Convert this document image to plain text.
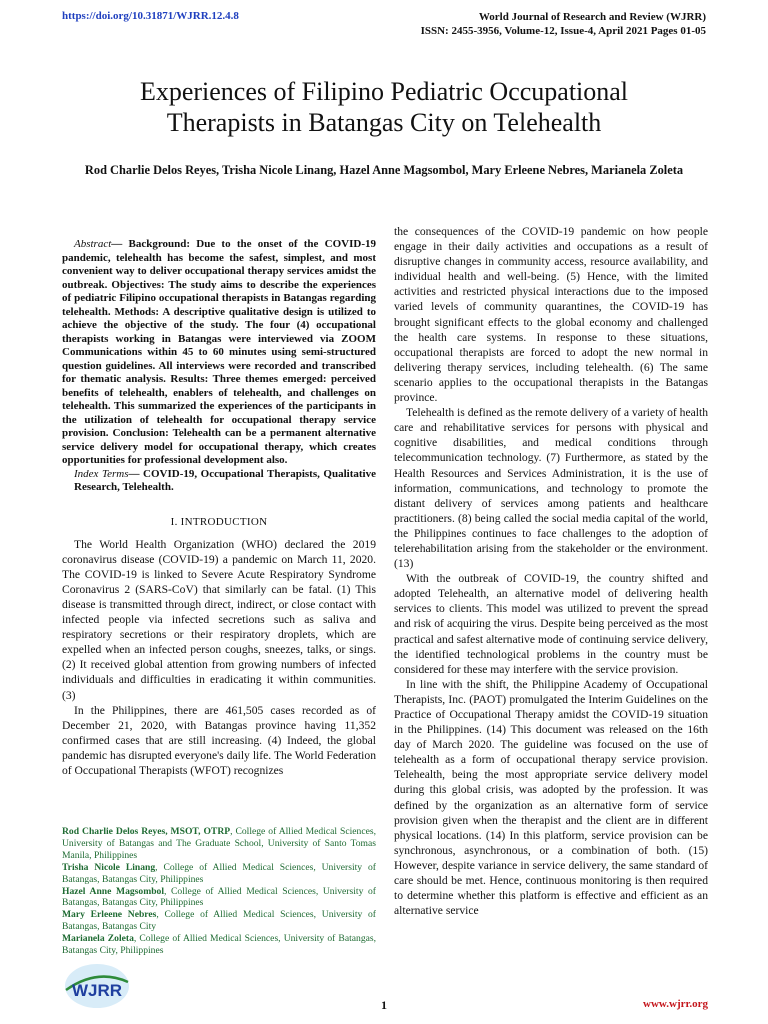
https://doi.org/10.31871/WJRR.12.4.8	World Journal of Research and Review (WJRR)
ISSN: 2455-3956, Volume-12, Issue-4, April 2021 Pages 01-05
Experiences of Filipino Pediatric Occupational
Therapists in Batangas City on Telehealth
Rod Charlie Delos Reyes, Trisha Nicole Linang, Hazel Anne Magsombol, Mary Erleene Nebres, Marianela Zoleta

Abstract— Background: Due to the onset of the COVID-19 pandemic, telehealth has become the safest, simplest, and most convenient way to deliver occupational therapy services amidst the outbreak. Objectives: The study aims to describe the experiences of pediatric Filipino occupational therapists in Batangas regarding telehealth. Methods: A descriptive qualitative design is utilized to achieve the objective of the study. The four (4) occupational therapists working in Batangas were interviewed via ZOOM Communications within 45 to 60 minutes using semi-structured question guidelines. All interviews were recorded and transcribed for thematic analysis. Results: Three themes emerged: perceived benefits of telehealth, enablers of telehealth, and challenges on telehealth. This summarized the experiences of the participants in the utilization of telehealth for occupational therapy service provision. Conclusion: Telehealth can be a permanent alternative service delivery model for occupational therapy, which creates opportunities for professional development also.

Index Terms— COVID-19, Occupational Therapists, Qualitative Research, Telehealth.

I. INTRODUCTION

The World Health Organization (WHO) declared the 2019 coronavirus disease (COVID-19) a pandemic on March 11, 2020. The COVID-19 is linked to Severe Acute Respiratory Syndrome Coronavirus 2 (SARS-CoV) that similarly can be fatal. (1) This disease is transmitted through direct, indirect, or close contact with infected people via infected secretions such as saliva and respiratory secretions or their respiratory droplets, which are expelled when an infected person coughs, sneezes, talks, or sings. (2) It received global attention from growing numbers of infected individuals and difficulties in eradicating it within communities. (3)

In the Philippines, there are 461,505 cases recorded as of December 21, 2020, with Batangas province having 11,352 confirmed cases that are still increasing. (4) Indeed, the global pandemic has disrupted everyone's daily life. The World Federation of Occupational Therapists (WFOT) recognizes

the consequences of the COVID-19 pandemic on how people engage in their daily activities and occupations as a result of disruptive changes in community access, resource availability, and individual health and well-being. (5) Hence, with the limited activities and restricted physical interactions due to the imposed varied levels of community quarantines, the COVID-19 has brought significant effects to the global economy and challenged the health care systems. In response to these situations, occupational therapists are forced to adopt the new normal in delivering therapy services, including telehealth. (6) The same scenario applies to the occupational therapists in the Batangas province.

Telehealth is defined as the remote delivery of a variety of health care and rehabilitative services for persons with physical and cognitive disabilities, and medical conditions through telecommunication technology. (7) Furthermore, as stated by the Health Resources and Services Administration, it is the use of information, communications, and technology to promote the distant delivery of services among patients and healthcare practitioners. (8) being called the social media capital of the world, the Philippines continues to face challenges to the adoption of telerehabilitation arising from the stakeholder or the environment. (13)

With the outbreak of COVID-19, the country shifted and adopted Telehealth, an alternative model of delivering health services to clients. This model was utilized to prevent the spread and risk of acquiring the virus. Despite being perceived as the most practical and safest alternative mode of continuing service delivery, the identified technological problems in the country must be considered for these may interfere with the service provision.

In line with the shift, the Philippine Academy of Occupational Therapists, Inc. (PAOT) promulgated the Interim Guidelines on the Practice of Occupational Therapy amidst the COVID-19 situation in the Philippines. (14) This document was released on the 16th day of March 2020. The guideline was focused on the use of telehealth as a form of occupational therapy service provision. Telehealth, being the most appropriate service delivery model during this global crisis, was adopted by the profession. It was defined by the organization as an alternative form of service provision given when the therapist and the client are in different physical locations. (14) In this platform, service provision can be synchronous, asynchronous, or a combination of both. (15) However, despite variance in service delivery, the same standard of care should be met. Hence, continuous monitoring is then required to determine whether this platform is effective and efficient as an alternative service

Rod Charlie Delos Reyes, MSOT, OTRP, College of Allied Medical Sciences, University of Batangas and The Graduate School, University of Santo Tomas Manila, Philippines

Trisha Nicole Linang, College of Allied Medical Sciences, University of Batangas, Batangas City, Philippines

Hazel Anne Magsombol, College of Allied Medical Sciences, University of Batangas, Batangas City, Philippines

Mary Erleene Nebres, College of Allied Medical Sciences, University of Batangas, Batangas City

Marianela Zoleta, College of Allied Medical Sciences, University of Batangas, Batangas City, Philippines

WJRR
1	www.wjrr.org
